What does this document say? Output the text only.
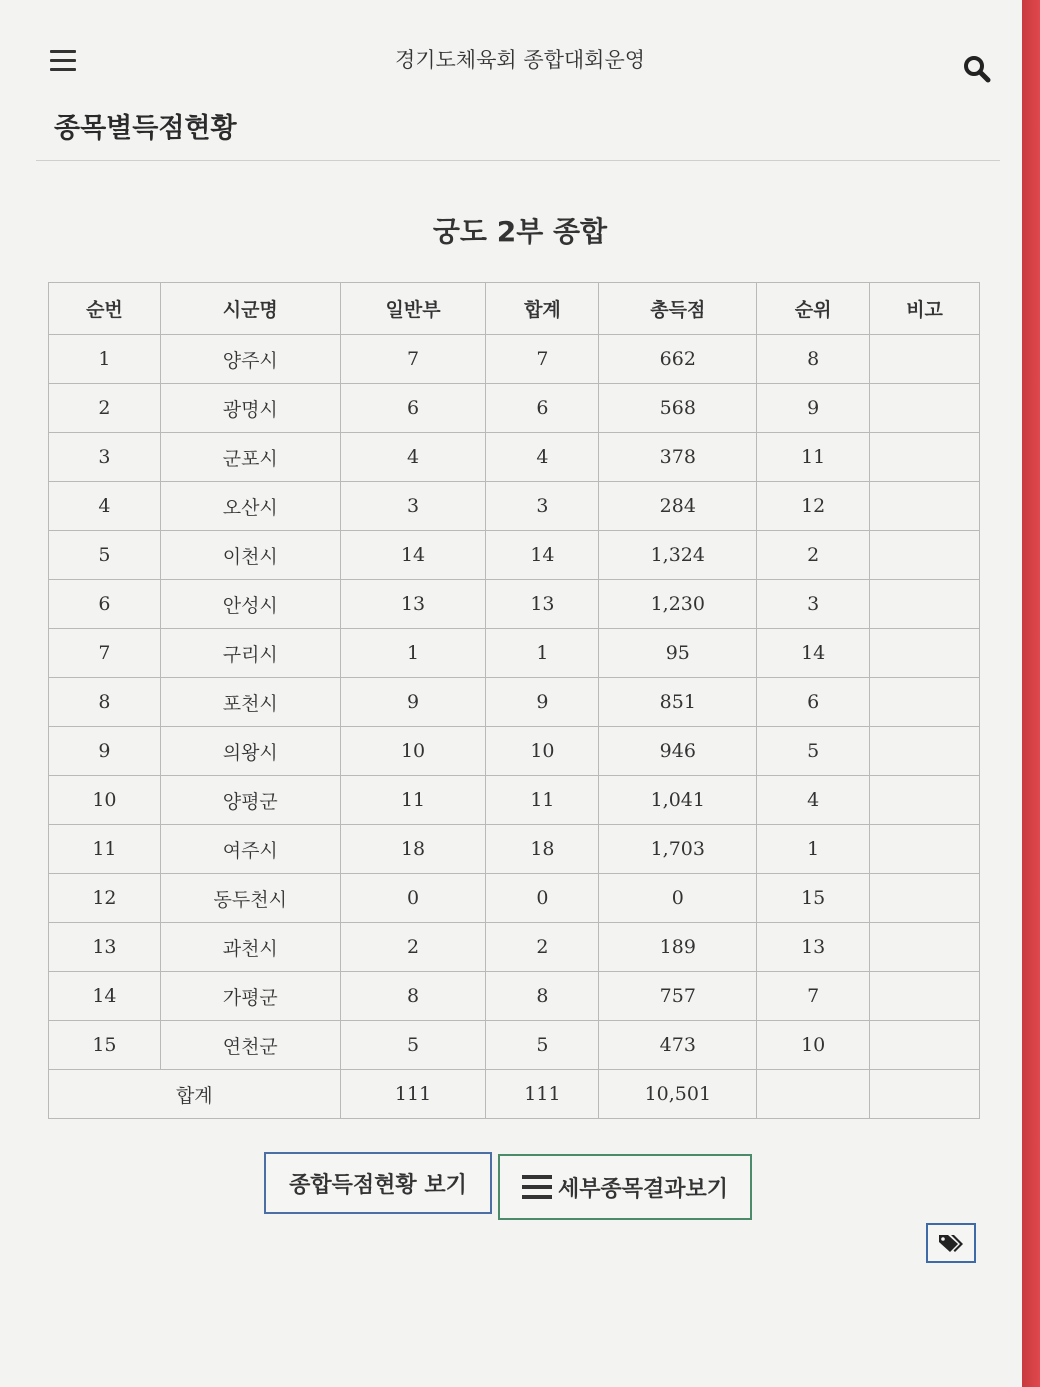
경기도체육회 종합대회운영
종목별득점현황
궁도 2부 종합
순번	시군명	일반부	합계	총득점	순위	비고
1	양주시	7	7	662	8	
2	광명시	6	6	568	9	
3	군포시	4	4	378	11	
4	오산시	3	3	284	12	
5	이천시	14	14	1,324	2	
6	안성시	13	13	1,230	3	
7	구리시	1	1	95	14	
8	포천시	9	9	851	6	
9	의왕시	10	10	946	5	
10	양평군	11	11	1,041	4	
11	여주시	18	18	1,703	1	
12	동두천시	0	0	0	15	
13	과천시	2	2	189	13	
14	가평군	8	8	757	7	
15	연천군	5	5	473	10	
합계		111	111	10,501		
종합득점현황 보기	세부종목결과보기
